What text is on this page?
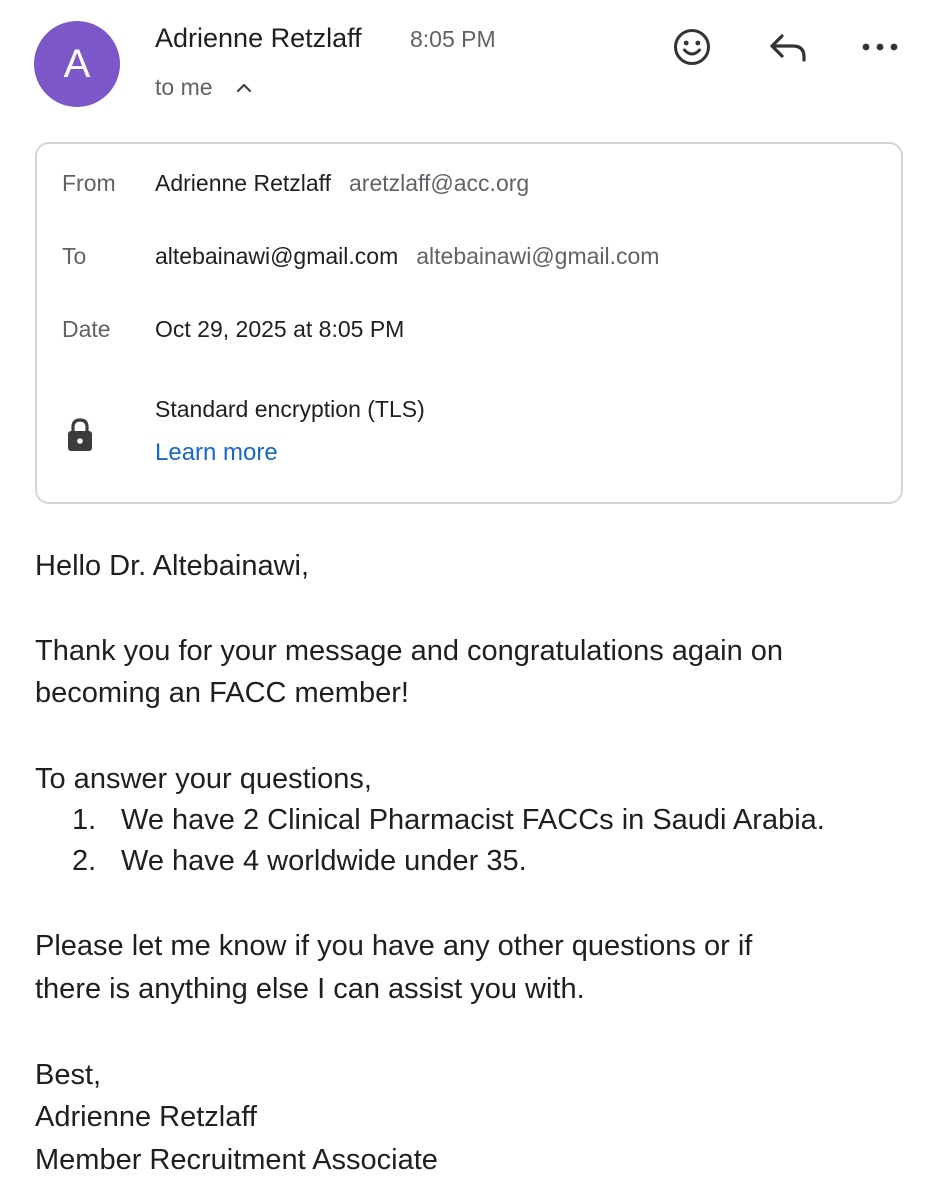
A
Adrienne Retzlaff 8:05 PM
to me
From Adrienne Retzlaff aretzlaff@acc.org
To	altebainawi@gmail.com altebainawi@gmail.com
Date Oct 29, 2025 at 8:05 PM
Standard encryption (TLS)
Learn more
Hello Dr. Altebainawi,
Thank you for your message and congratulations again on
becoming an FACC member!
To answer your questions,
1. We have 2 Clinical Pharmacist FACCs in Saudi Arabia.
2. We have 4 worldwide under 35.
Please let me know if you have any other questions or if
there is anything else I can assist you with.
Best,
Adrienne Retzlaff
Member Recruitment Associate
